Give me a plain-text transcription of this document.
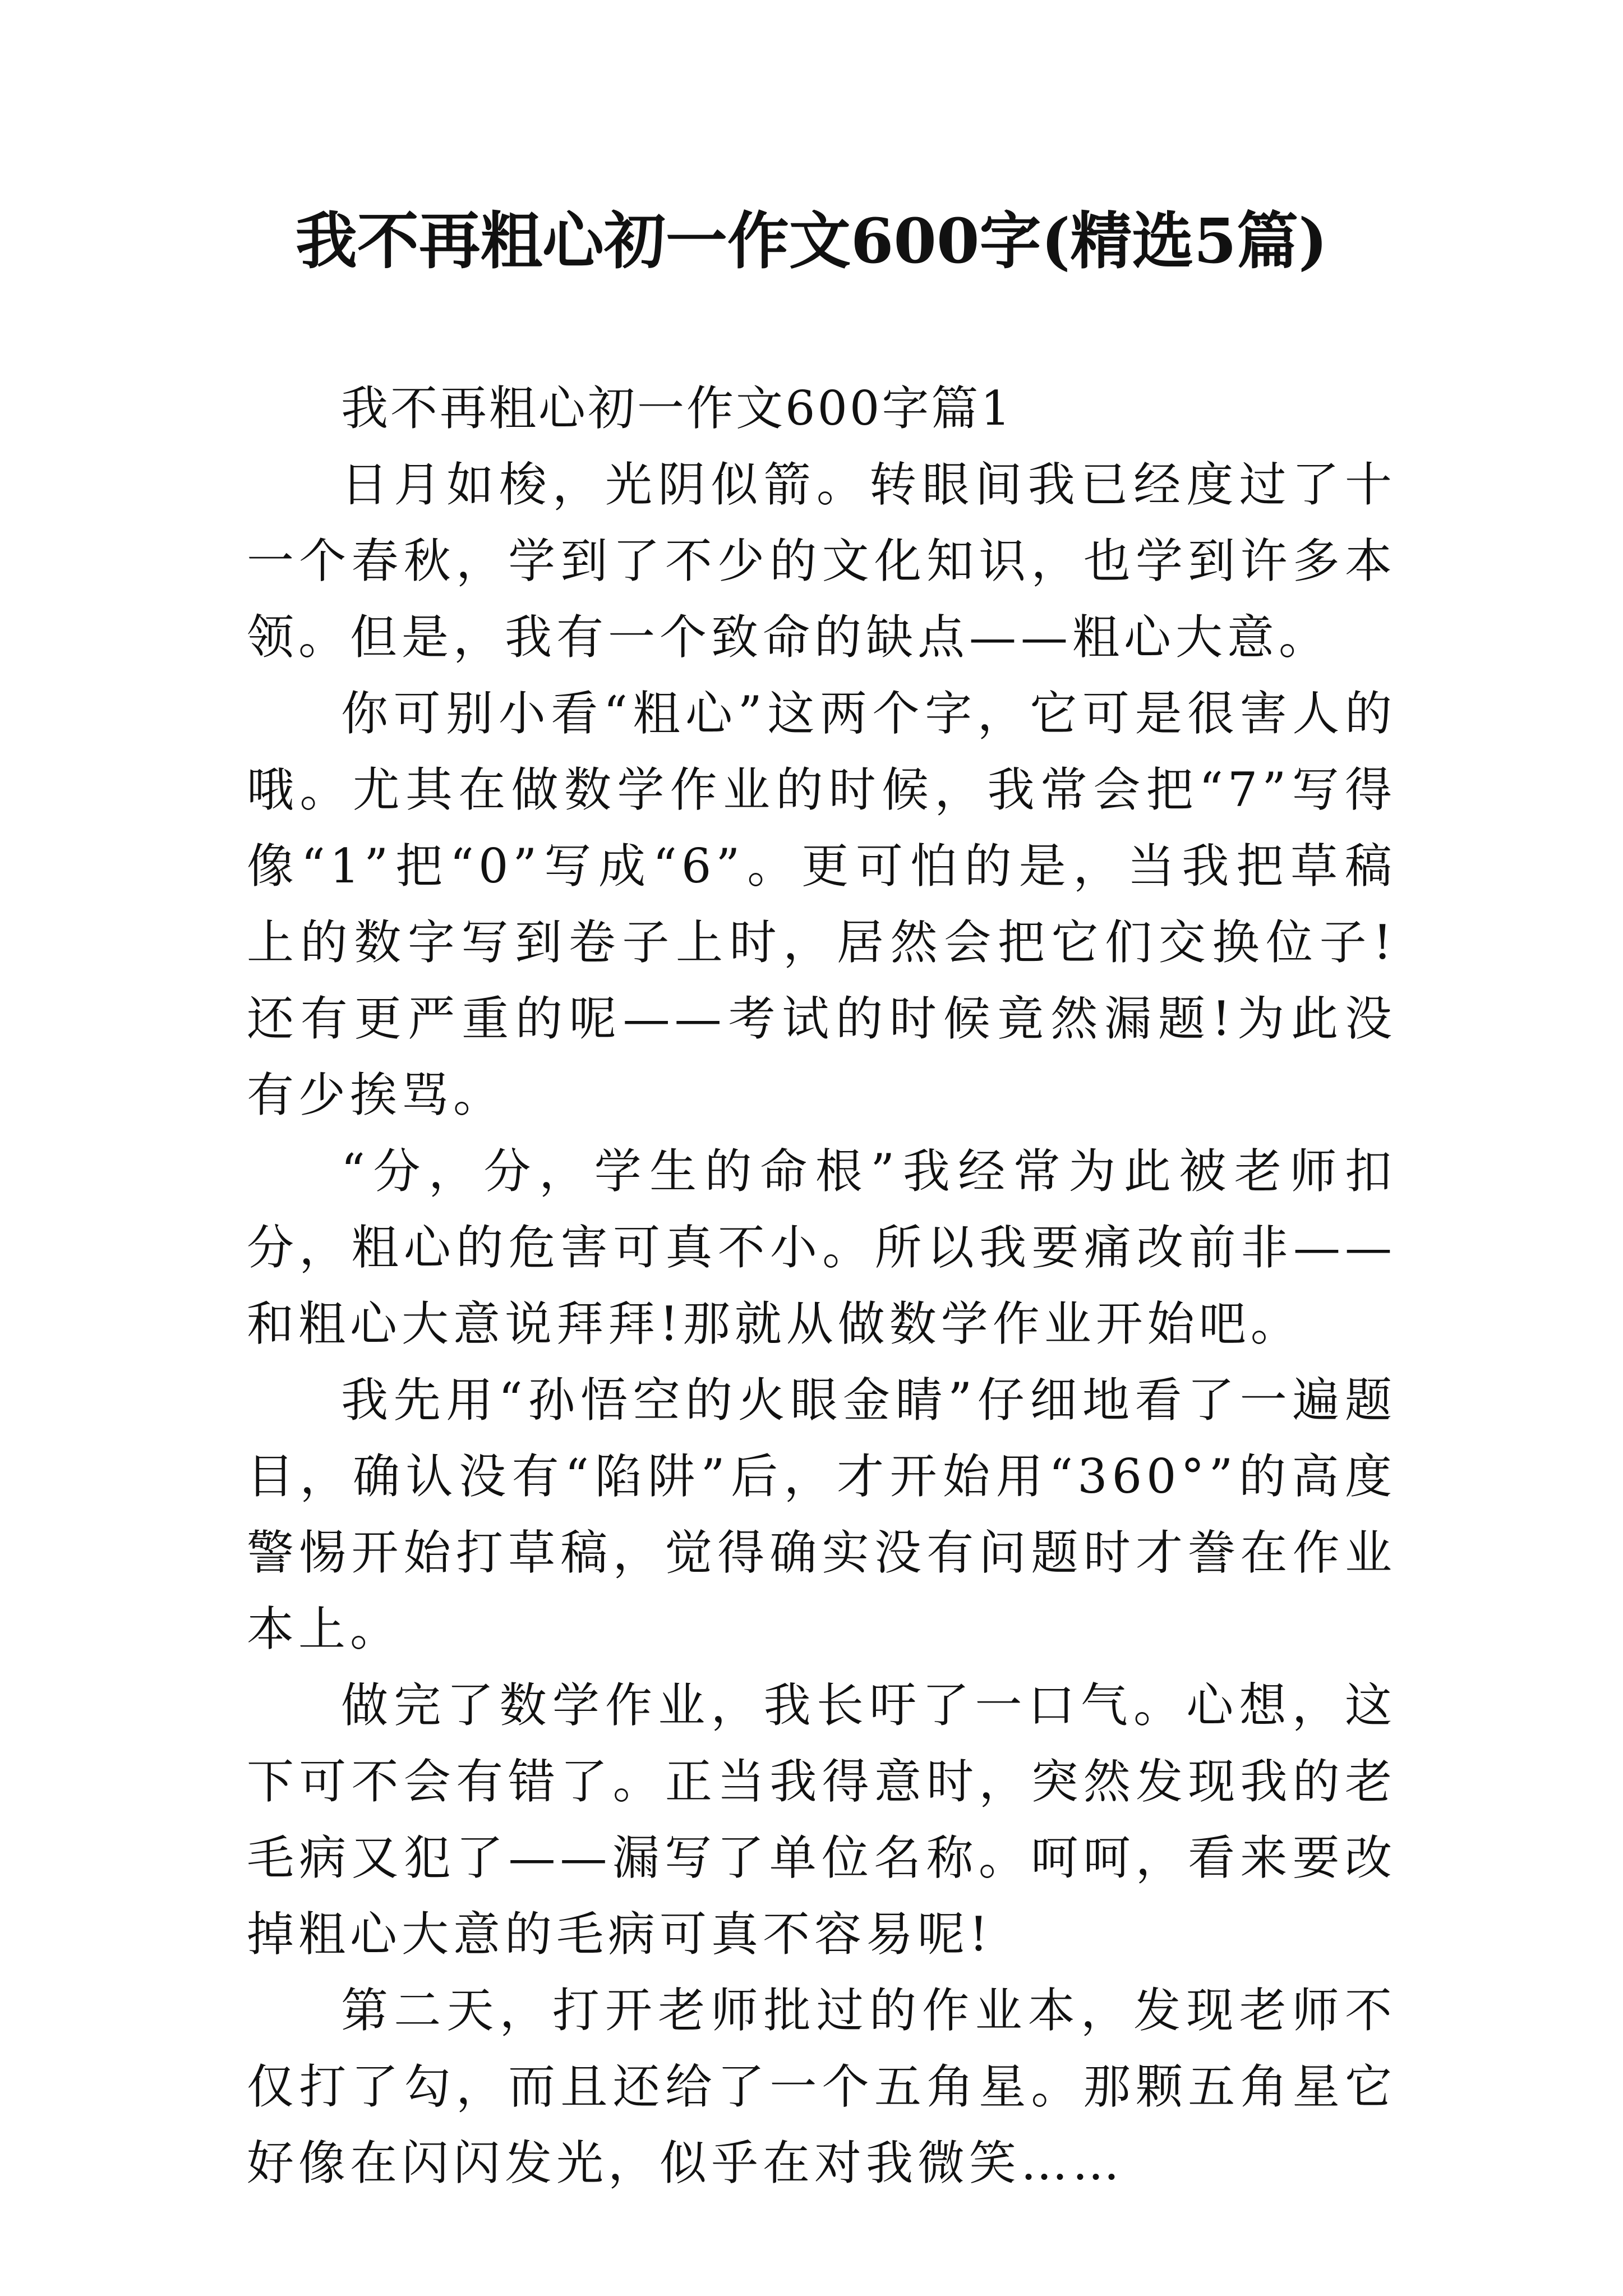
我不再粗心初一作文600字(精选5篇)

我不再粗心初一作文600字篇1

日月如梭，光阴似箭。转眼间我已经度过了十一个春秋，学到了不少的文化知识，也学到许多本领。但是，我有一个致命的缺点——粗心大意。

你可别小看“粗心”这两个字，它可是很害人的哦。尤其在做数学作业的时候，我常会把“7”写得像“1”把“0”写成“6”。更可怕的是，当我把草稿上的数字写到卷子上时，居然会把它们交换位子!还有更严重的呢——考试的时候竟然漏题!为此没有少挨骂。

“分，分，学生的命根”我经常为此被老师扣分，粗心的危害可真不小。所以我要痛改前非——和粗心大意说拜拜!那就从做数学作业开始吧。

我先用“孙悟空的火眼金睛”仔细地看了一遍题目，确认没有“陷阱”后，才开始用“360°”的高度警惕开始打草稿，觉得确实没有问题时才誊在作业本上。

做完了数学作业，我长吁了一口气。心想，这下可不会有错了。正当我得意时，突然发现我的老毛病又犯了——漏写了单位名称。呵呵，看来要改掉粗心大意的毛病可真不容易呢!

第二天，打开老师批过的作业本，发现老师不仅打了勾，而且还给了一个五角星。那颗五角星它好像在闪闪发光，似乎在对我微笑……
